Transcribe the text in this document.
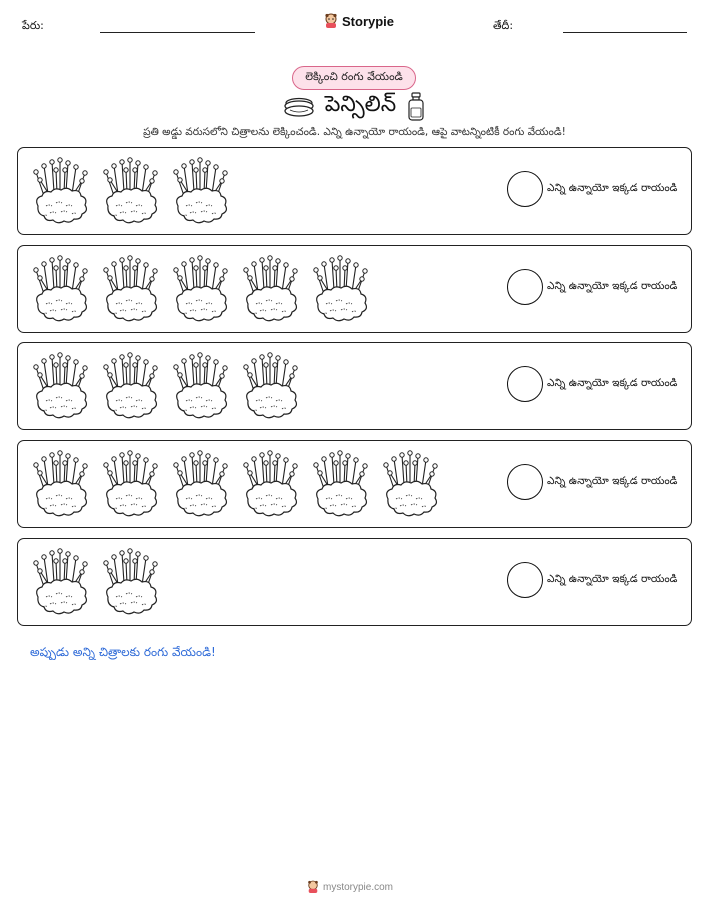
పేరు:	Storypie	తేదీ:
లెక్కించి రంగు వేయండి
పెన్సిలిన్
ప్రతి అడ్డు వరుసలోని చిత్రాలను లెక్కించండి. ఎన్ని ఉన్నాయో రాయండి, ఆపై వాటన్నింటికీ రంగు వేయండి!
ఎన్ని ఉన్నాయో ఇక్కడ రాయండి
ఎన్ని ఉన్నాయో ఇక్కడ రాయండి
ఎన్ని ఉన్నాయో ఇక్కడ రాయండి
ఎన్ని ఉన్నాయో ఇక్కడ రాయండి
ఎన్ని ఉన్నాయో ఇక్కడ రాయండి
అప్పుడు అన్ని చిత్రాలకు రంగు వేయండి!
mystorypie.com
